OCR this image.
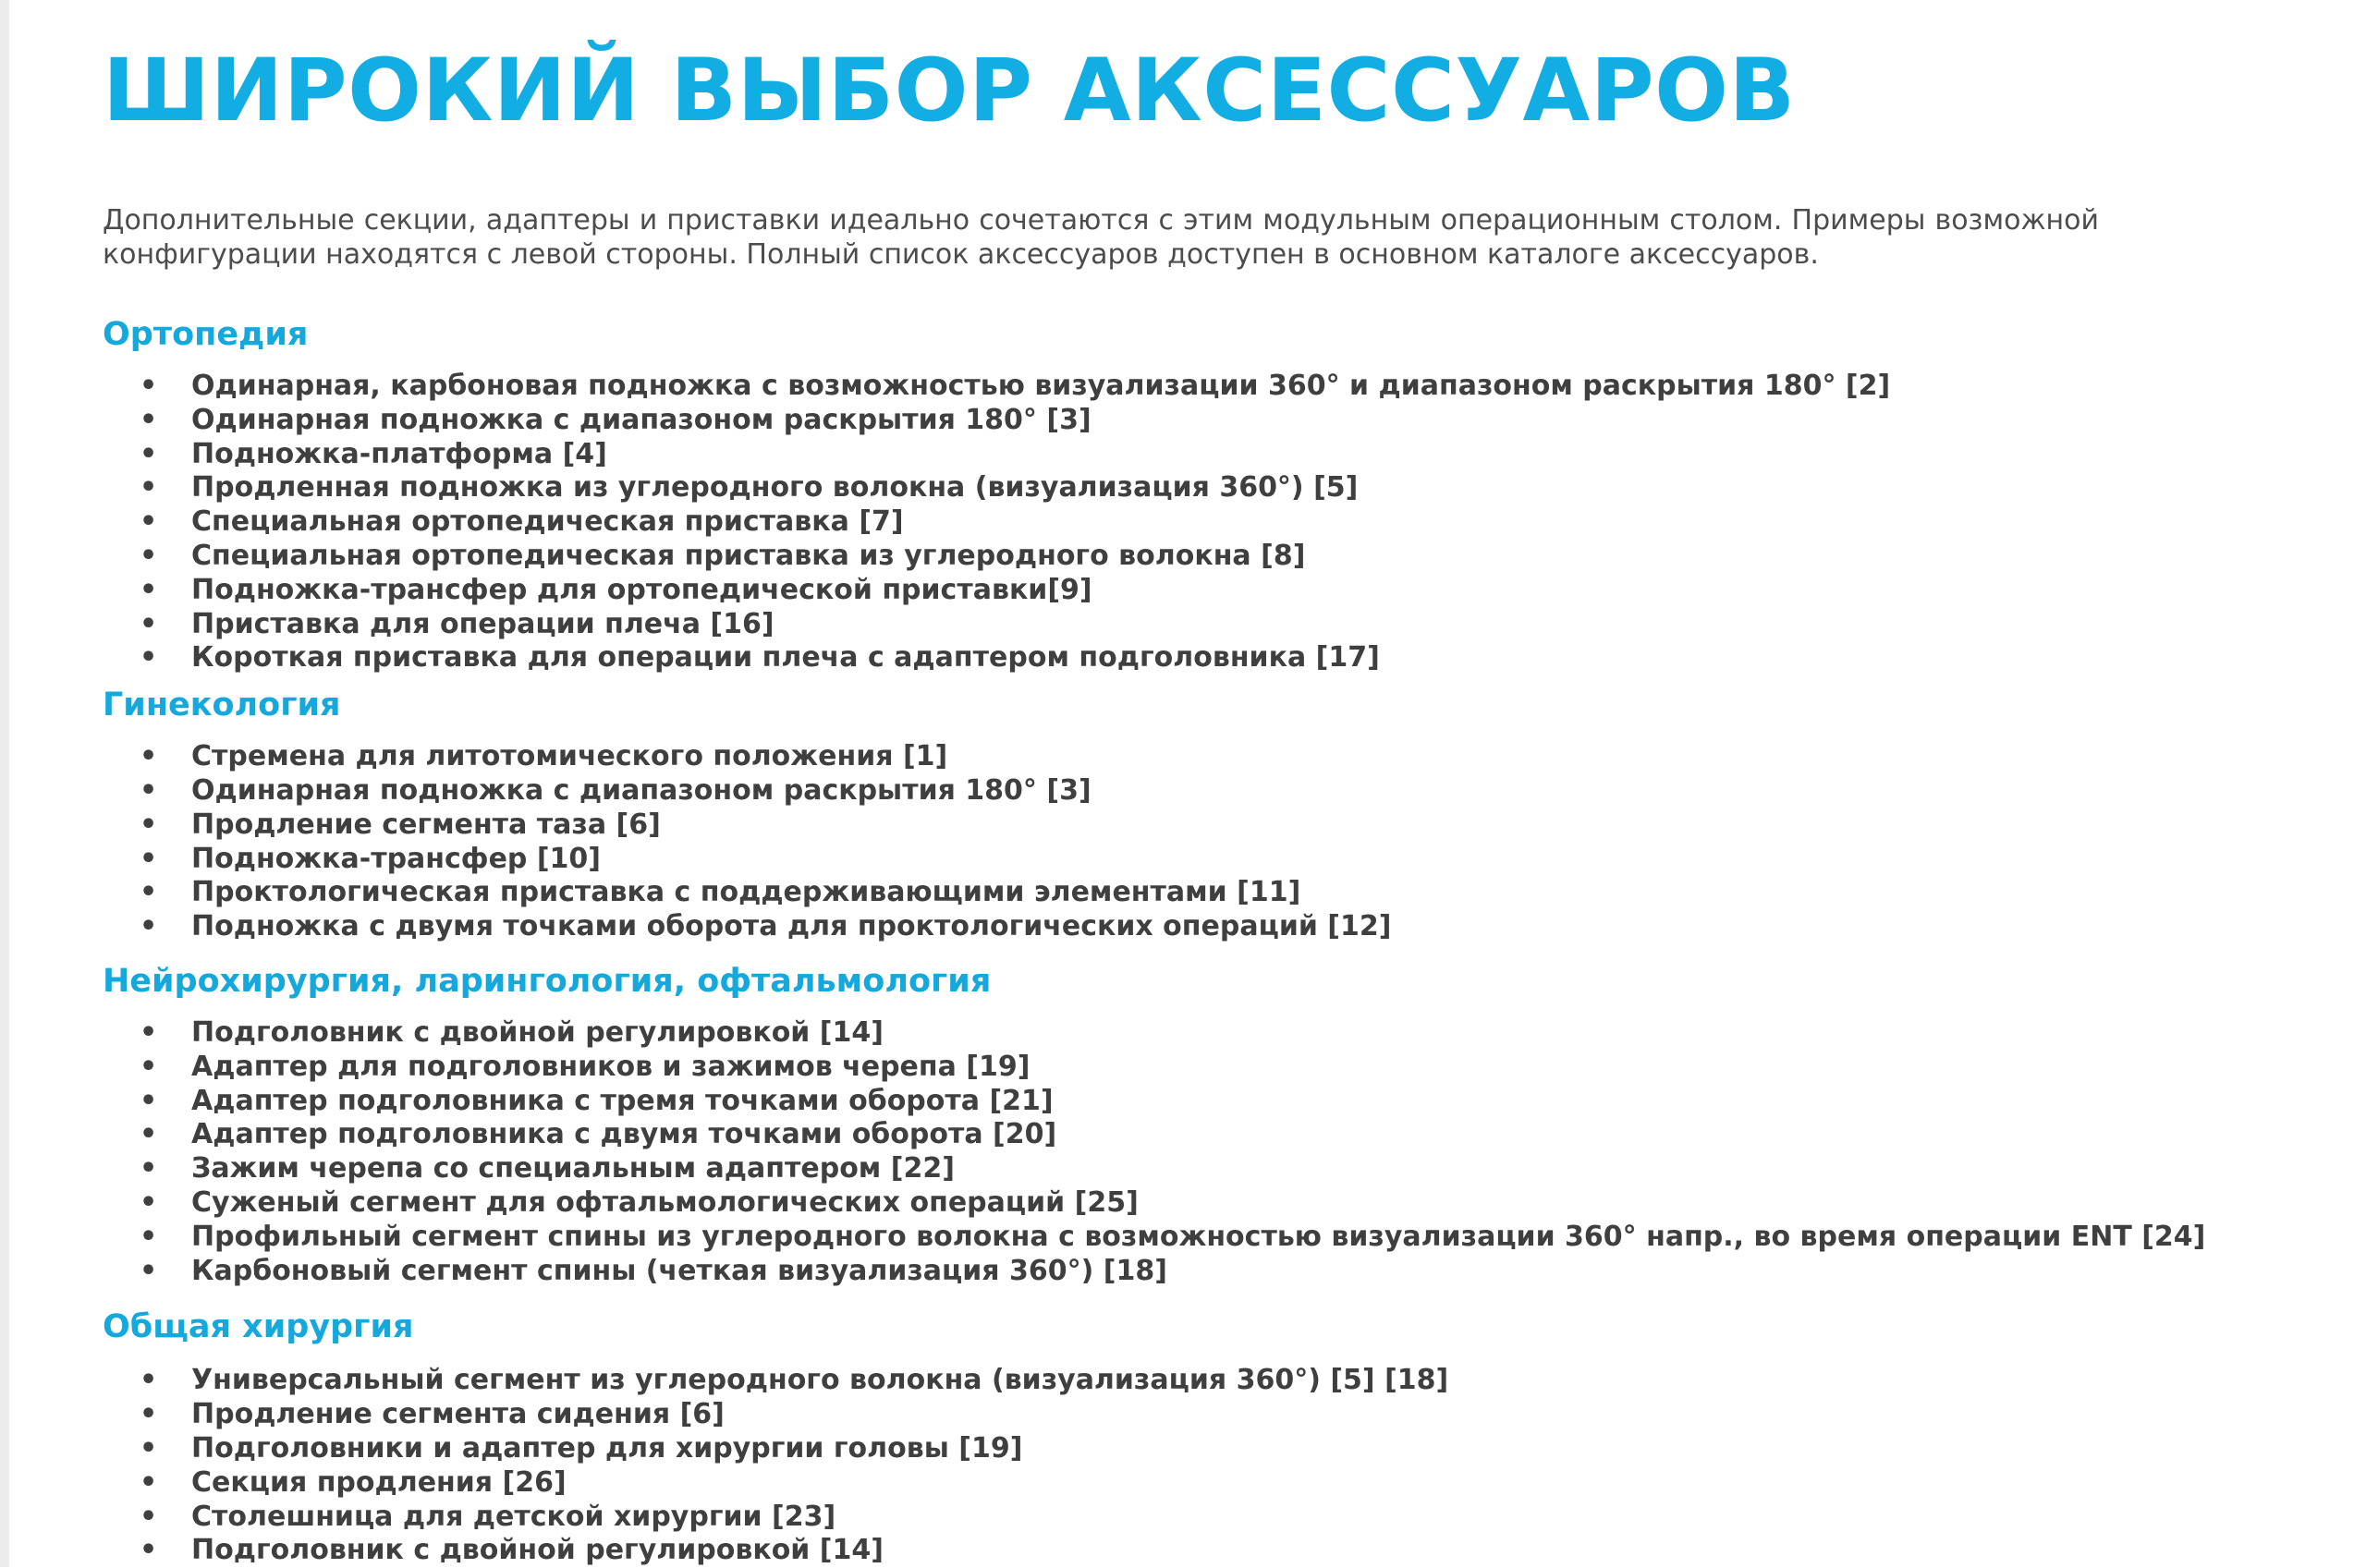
ШИРОКИЙ ВЫБОР АКСЕССУАРОВ

Дополнительные секции, адаптеры и приставки идеально сочетаются с этим модульным операционным столом. Примеры возможной конфигурации находятся с левой стороны. Полный список аксессуаров доступен в основном каталоге аксессуаров.

Ортопедия
• Одинарная, карбоновая подножка с возможностью визуализации 360° и диапазоном раскрытия 180° [2]
• Одинарная подножка с диапазоном раскрытия 180° [3]
• Подножка-платформа [4]
• Продленная подножка из углеродного волокна (визуализация 360°) [5]
• Специальная ортопедическая приставка [7]
• Специальная ортопедическая приставка из углеродного волокна [8]
• Подножка-трансфер для ортопедической приставки[9]
• Приставка для операции плеча [16]
• Короткая приставка для операции плеча с адаптером подголовника [17]
Гинекология
• Стремена для литотомического положения [1]
• Одинарная подножка с диапазоном раскрытия 180° [3]
• Продление сегмента таза [6]
• Подножка-трансфер [10]
• Проктологическая приставка с поддерживающими элементами [11]
• Подножка с двумя точками оборота для проктологических операций [12]
Нейрохирургия, ларингология, офтальмология
• Подголовник с двойной регулировкой [14]
• Адаптер для подголовников и зажимов черепа [19]
• Адаптер подголовника с тремя точками оборота [21]
• Адаптер подголовника с двумя точками оборота [20]
• Зажим черепа со специальным адаптером [22]
• Суженый сегмент для офтальмологических операций [25]
• Профильный сегмент спины из углеродного волокна с возможностью визуализации 360° напр., во время операции ENT [24]
• Карбоновый сегмент спины (четкая визуализация 360°) [18]
Общая хирургия
• Универсальный сегмент из углеродного волокна (визуализация 360°) [5] [18]
• Продление сегмента сидения [6]
• Подголовники и адаптер для хирургии головы [19]
• Секция продления [26]
• Столешница для детской хирургии [23]
• Подголовник с двойной регулировкой [14]
